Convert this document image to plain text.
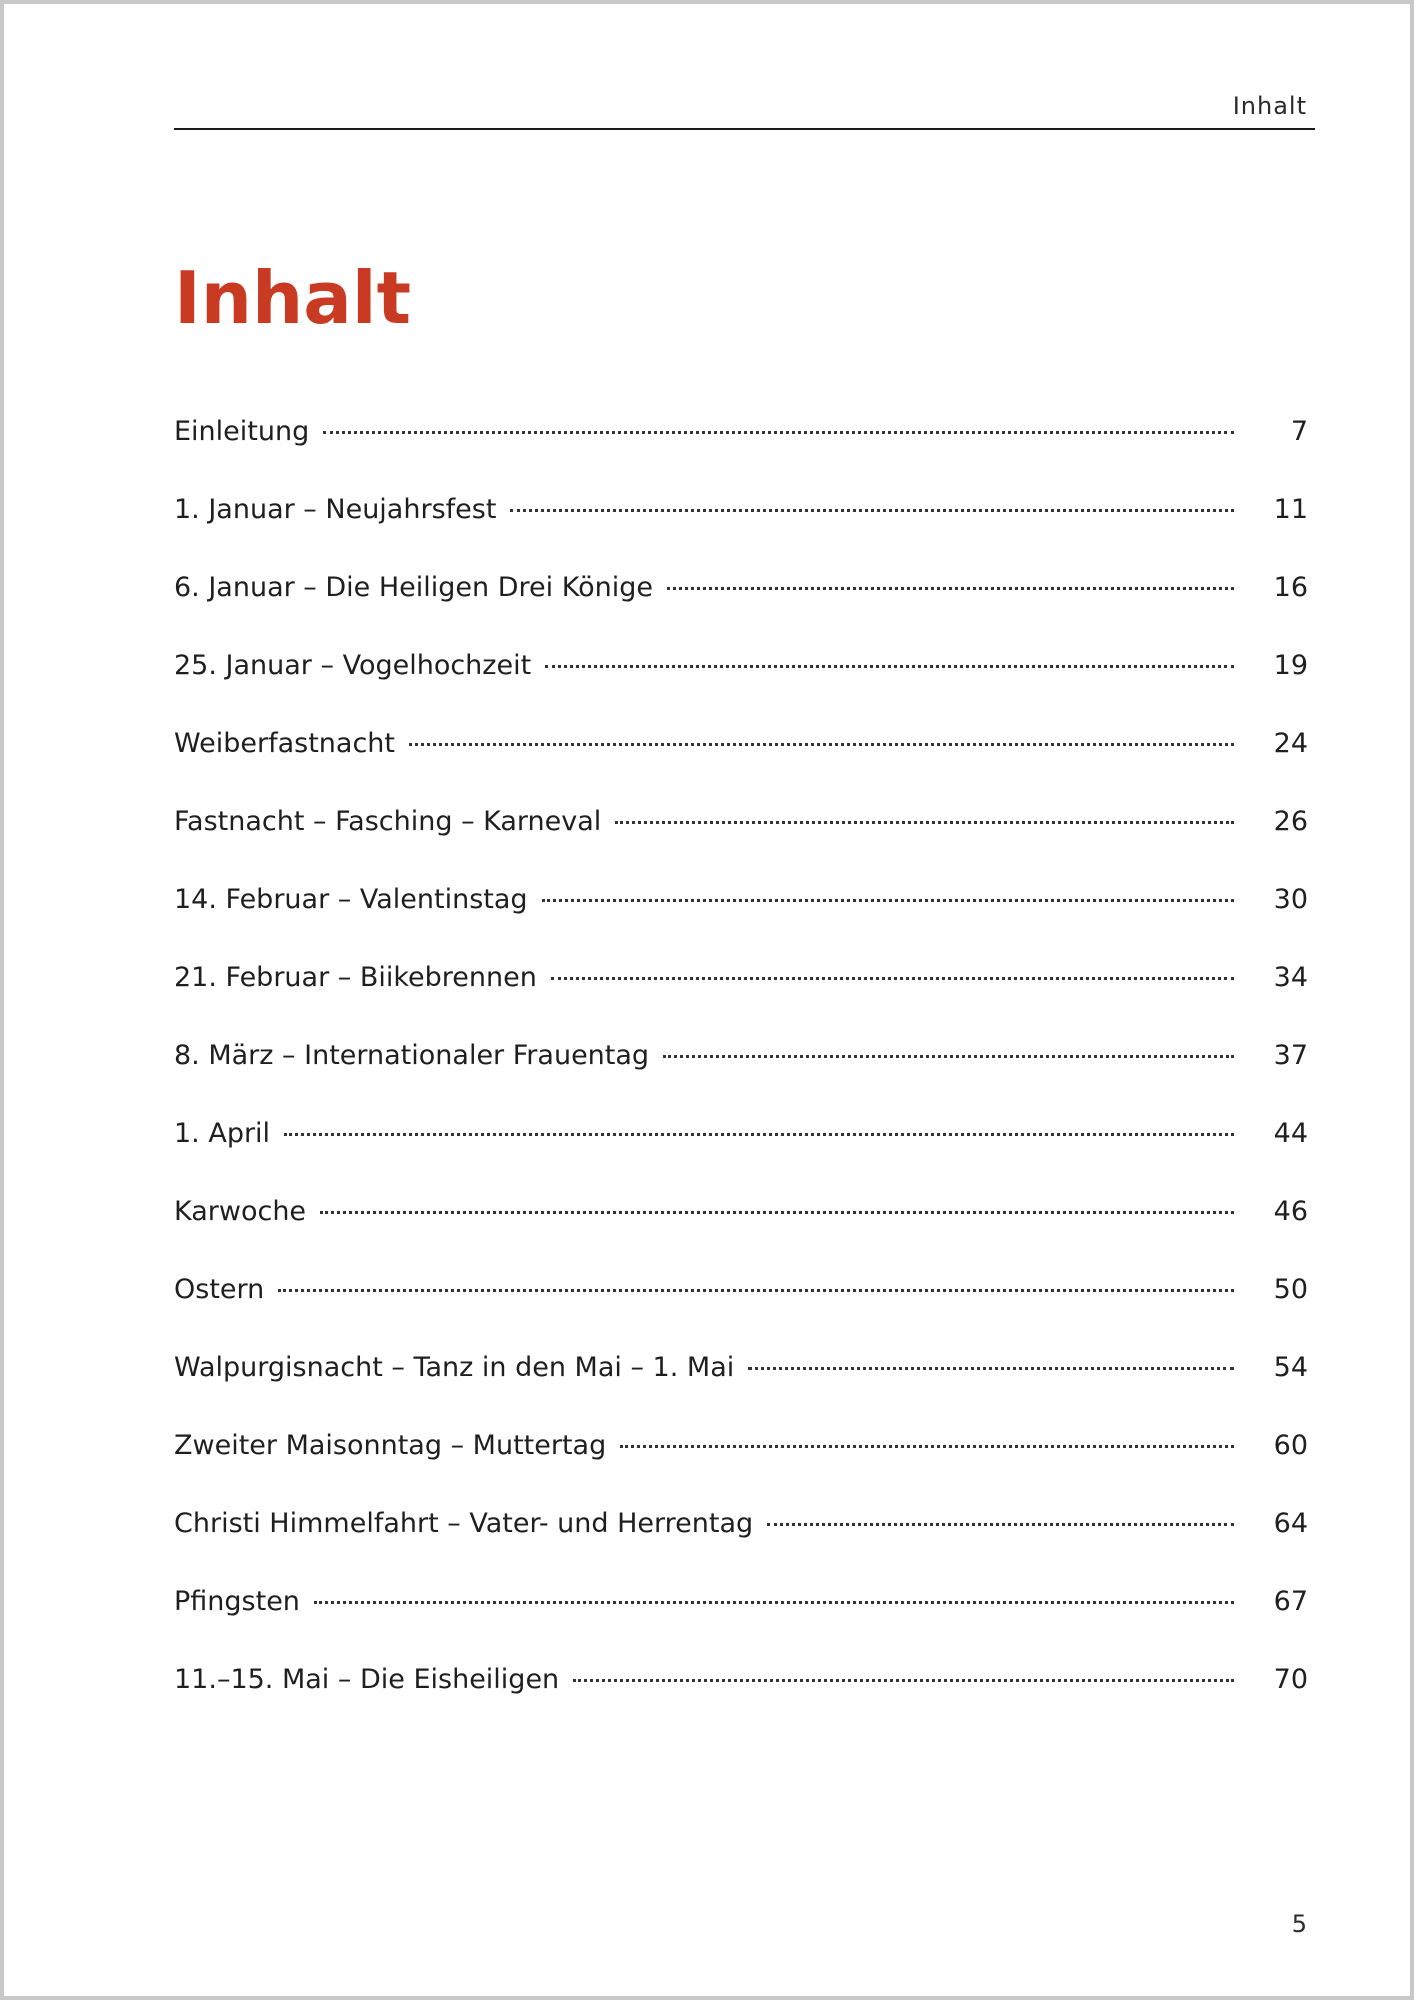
Inhalt
Inhalt
Einleitung	7
1. Januar – Neujahrsfest	11
6. Januar – Die Heiligen Drei Könige	16
25. Januar – Vogelhochzeit	19
Weiberfastnacht	24
Fastnacht – Fasching – Karneval	26
14. Februar – Valentinstag	30
21. Februar – Biikebrennen	34
8. März – Internationaler Frauentag	37
1. April	44
Karwoche	46
Ostern	50
Walpurgisnacht – Tanz in den Mai – 1. Mai	54
Zweiter Maisonntag – Muttertag	60
Christi Himmelfahrt – Vater- und Herrentag	64
Pfingsten	67
11.–15. Mai – Die Eisheiligen	70
5
